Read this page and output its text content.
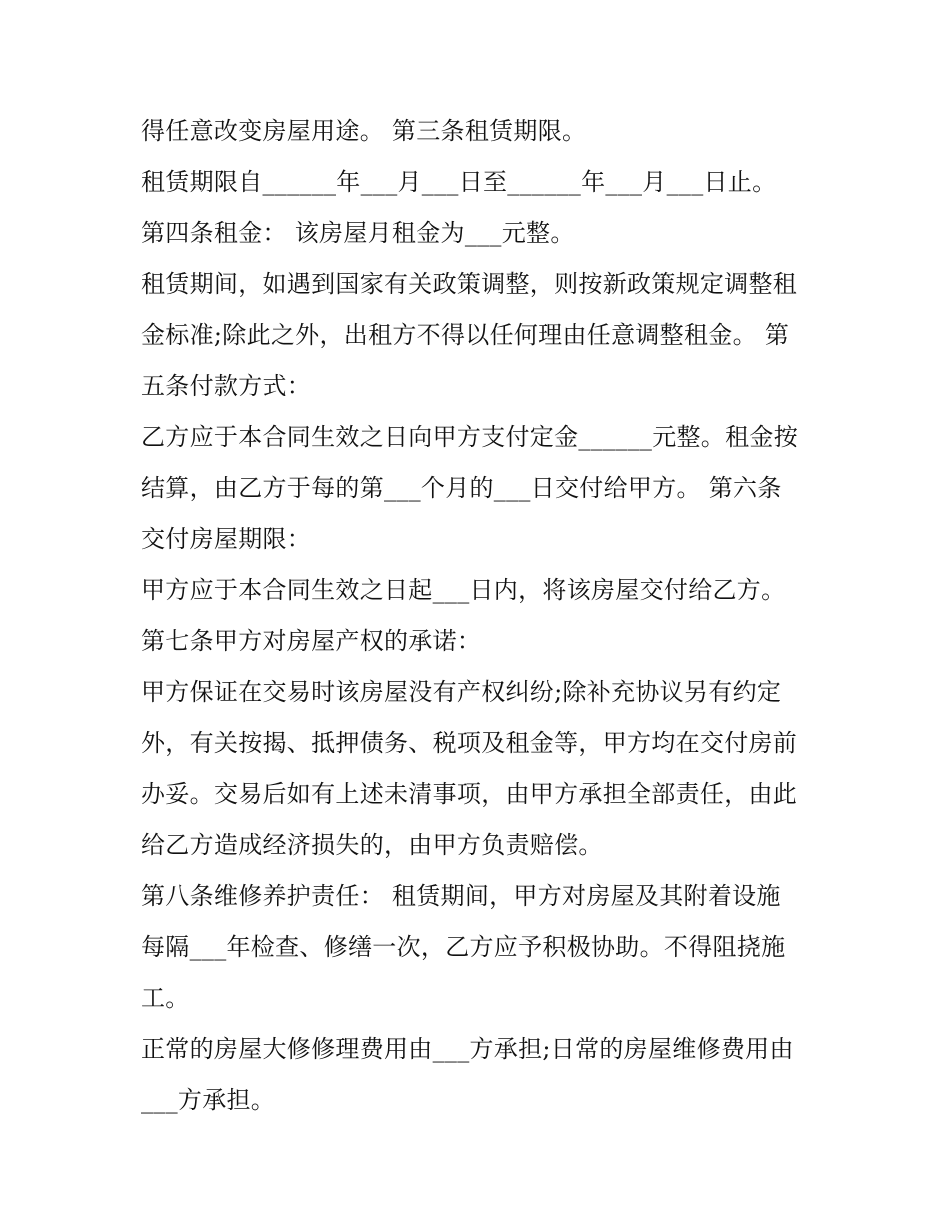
得任意改变房屋用途。 第三条租赁期限。
租赁期限自______年___月___日至______年___月___日止。
第四条租金： 该房屋月租金为___元整。
租赁期间，如遇到国家有关政策调整，则按新政策规定调整租
金标准;除此之外，出租方不得以任何理由任意调整租金。 第
五条付款方式：
乙方应于本合同生效之日向甲方支付定金______元整。租金按
结算，由乙方于每的第___个月的___日交付给甲方。 第六条
交付房屋期限：
甲方应于本合同生效之日起___日内，将该房屋交付给乙方。
第七条甲方对房屋产权的承诺：
甲方保证在交易时该房屋没有产权纠纷;除补充协议另有约定
外，有关按揭、抵押债务、税项及租金等，甲方均在交付房前
办妥。交易后如有上述未清事项，由甲方承担全部责任，由此
给乙方造成经济损失的，由甲方负责赔偿。
第八条维修养护责任： 租赁期间，甲方对房屋及其附着设施
每隔___年检查、修缮一次，乙方应予积极协助。不得阻挠施
工。
正常的房屋大修修理费用由___方承担;日常的房屋维修费用由
___方承担。
